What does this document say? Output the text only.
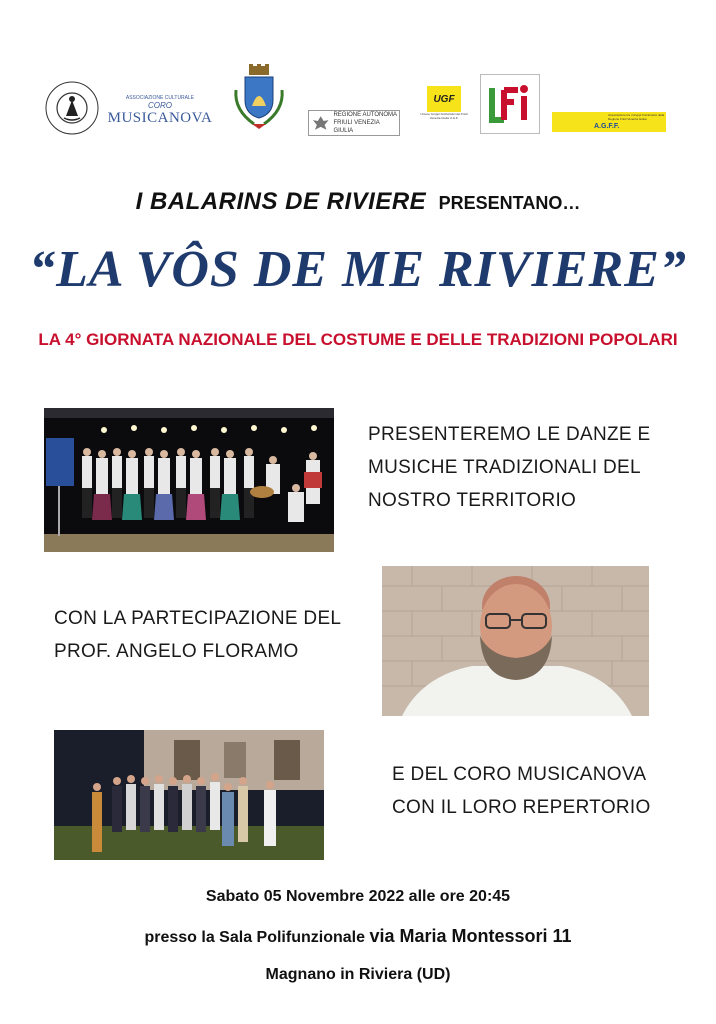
ASSOCIAZIONE CULTURALE
CORO
MUSICANOVA	REGIONE AUTONOMA
FRIULI VENEZIA GIULIA
UGF
Unione Gruppi Folcloristici del Friuli Venezia Giulia U.G.F.
A.G.F.F.
Associazione tra i Gruppi Folcloristici della Regione Friuli Venezia Giulia
I BALARINS DE RIVIERE PRESENTANO…
“LA VÔS DE ME RIVIERE”
LA 4° GIORNATA NAZIONALE DEL COSTUME E DELLE TRADIZIONI POPOLARI
PRESENTEREMO LE DANZE E
MUSICHE TRADIZIONALI DEL
NOSTRO TERRITORIO
CON LA PARTECIPAZIONE DEL
PROF. ANGELO FLORAMO
E DEL CORO MUSICANOVA
CON IL LORO REPERTORIO
Sabato 05 Novembre 2022 alle ore 20:45
presso la Sala Polifunzionale via Maria Montessori 11
Magnano in Riviera (UD)
